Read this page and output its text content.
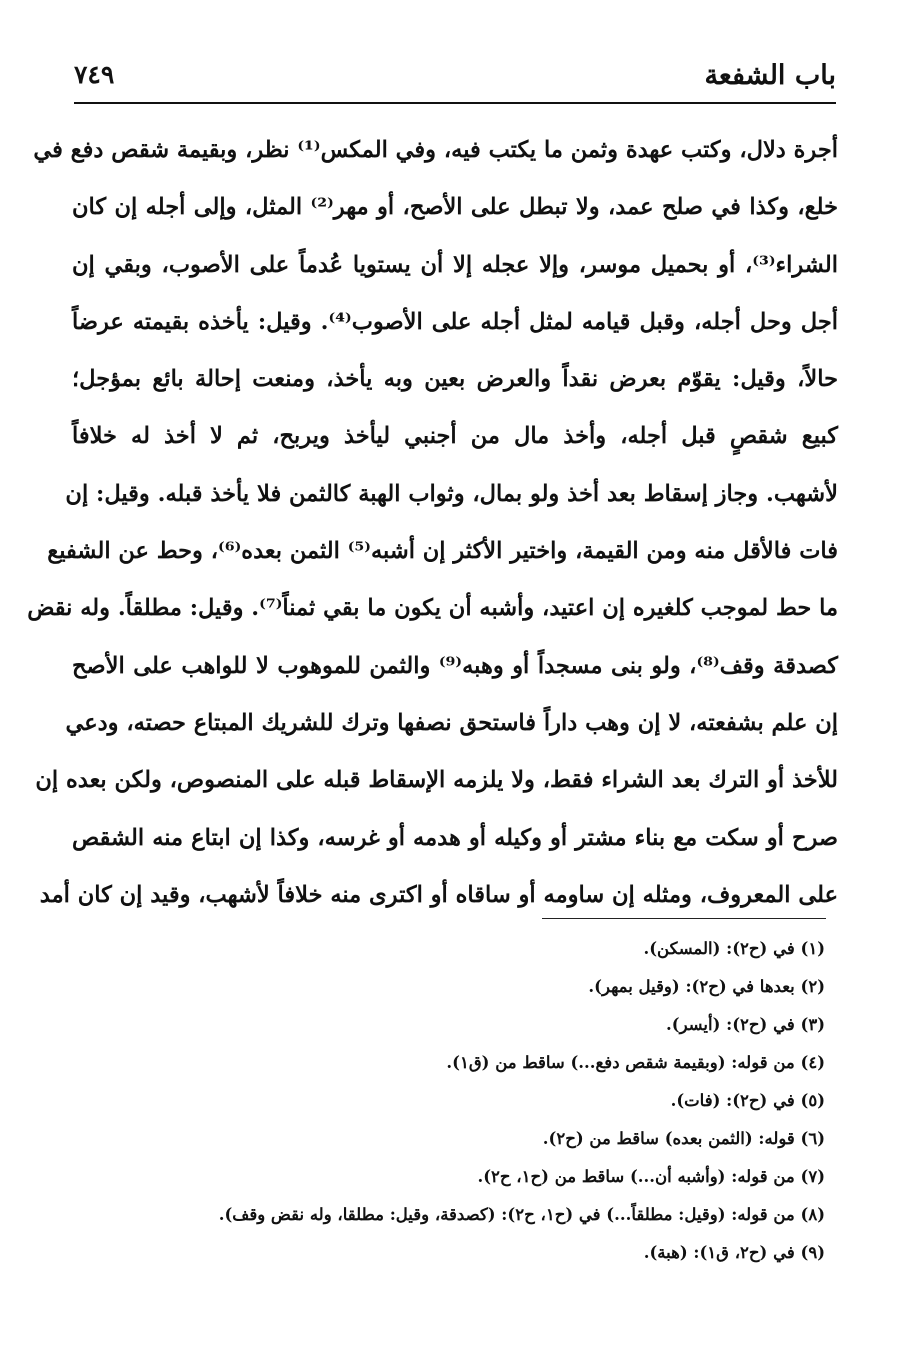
باب الشفعة
٧٤٩
أجرة دلال، وكتب عهدة وثمن ما يكتب فيه، وفي المكس⁽¹⁾ نظر، وبقيمة شقص دفع في
خلع، وكذا في صلح عمد، ولا تبطل على الأصح، أو مهر⁽²⁾ المثل، وإلى أجله إن كان
الشراء⁽³⁾، أو بحميل موسر، وإلا عجله إلا أن يستويا عُدماً على الأصوب، وبقي إن
أجل وحل أجله، وقبل قيامه لمثل أجله على الأصوب⁽⁴⁾. وقيل: يأخذه بقيمته عرضاً
حالاً، وقيل: يقوّم بعرض نقداً والعرض بعين وبه يأخذ، ومنعت إحالة بائع بمؤجل؛
كبيع شقصٍ قبل أجله، وأخذ مال من أجنبي ليأخذ ويربح، ثم لا أخذ له خلافاً
لأشهب. وجاز إسقاط بعد أخذ ولو بمال، وثواب الهبة كالثمن فلا يأخذ قبله. وقيل: إن
فات فالأقل منه ومن القيمة، واختير الأكثر إن أشبه⁽⁵⁾ الثمن بعده⁽⁶⁾، وحط عن الشفيع
ما حط لموجب كلغيره إن اعتيد، وأشبه أن يكون ما بقي ثمناً⁽⁷⁾. وقيل: مطلقاً. وله نقض
كصدقة وقف⁽⁸⁾، ولو بنى مسجداً أو وهبه⁽⁹⁾ والثمن للموهوب لا للواهب على الأصح
إن علم بشفعته، لا إن وهب داراً فاستحق نصفها وترك للشريك المبتاع حصته، ودعي
للأخذ أو الترك بعد الشراء فقط، ولا يلزمه الإسقاط قبله على المنصوص، ولكن بعده إن
صرح أو سكت مع بناء مشتر أو وكيله أو هدمه أو غرسه، وكذا إن ابتاع منه الشقص
على المعروف، ومثله إن ساومه أو ساقاه أو اكترى منه خلافاً لأشهب، وقيد إن كان أمد
(١) في (ح٢): (المسكن).
(٢) بعدها في (ح٢): (وقيل بمهر).
(٣) في (ح٢): (أيسر).
(٤) من قوله: (وبقيمة شقص دفع...) ساقط من (ق١).
(٥) في (ح٢): (فات).
(٦) قوله: (الثمن بعده) ساقط من (ح٢).
(٧) من قوله: (وأشبه أن...) ساقط من (ح١، ح٢).
(٨) من قوله: (وقيل: مطلقاً...) في (ح١، ح٢): (كصدقة، وقيل: مطلقا، وله نقض وقف).
(٩) في (ح٢، ق١): (هبة).
